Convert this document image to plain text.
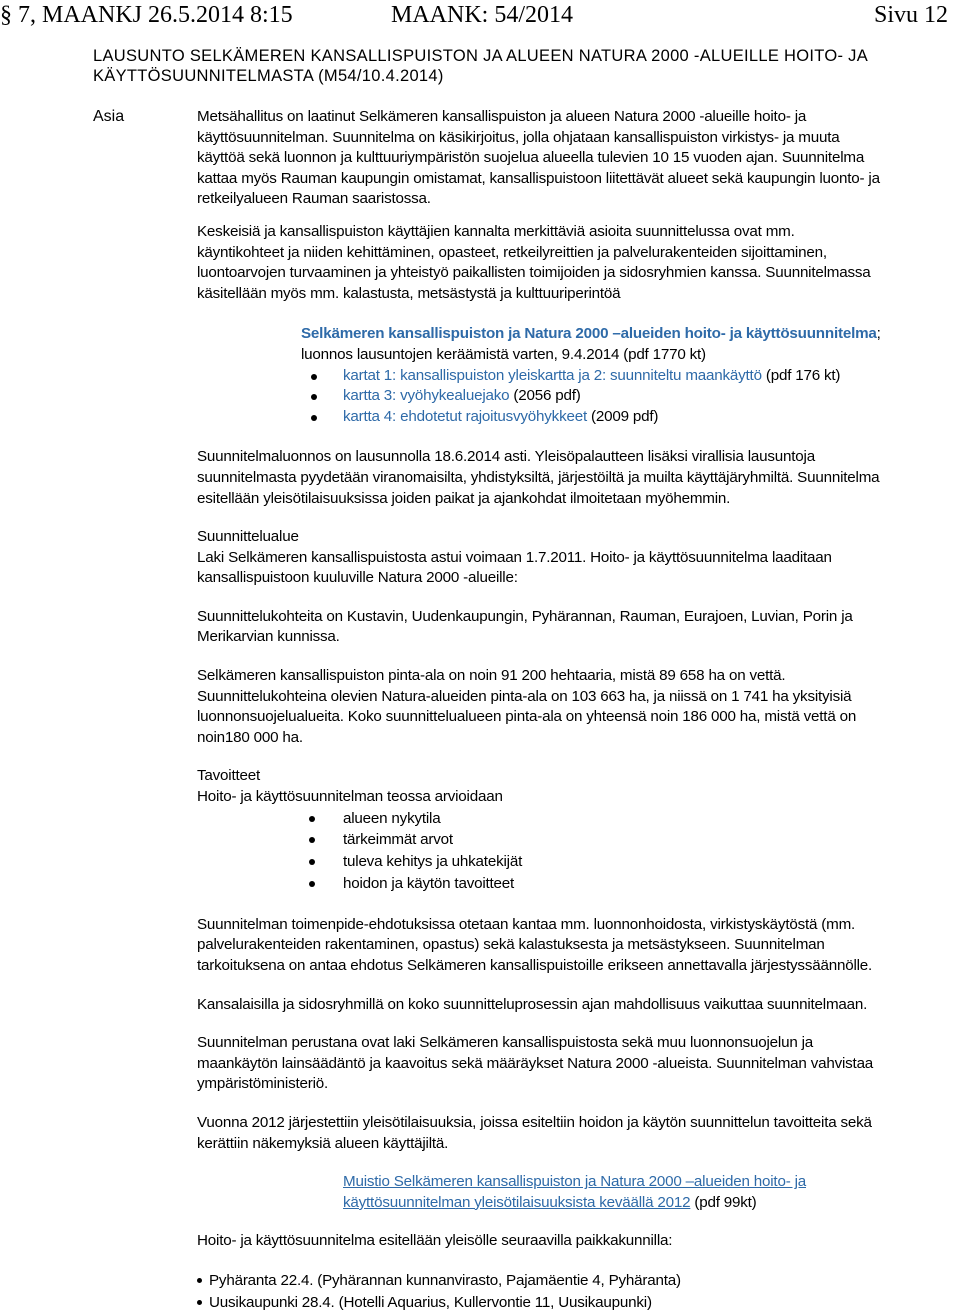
§ 7, MAANKJ 26.5.2014 8:15	MAANK: 54/2014	Sivu 12
LAUSUNTO SELKÄMEREN KANSALLISPUISTON JA ALUEEN NATURA 2000 -ALUEILLE HOITO- JA
KÄYTTÖSUUNNITELMASTA (M54/10.4.2014)
Asia	Metsähallitus on laatinut Selkämeren kansallispuiston ja alueen Natura 2000 -alueille hoito- ja käyttösuunnitelman. Suunnitelma on käsikirjoitus, jolla ohjataan kansallispuiston virkistys- ja muuta käyttöä sekä luonnon ja kulttuuriympäristön suojelua alueella tulevien 10 15 vuoden ajan. Suunnitelma kattaa myös Rauman kaupungin omistamat, kansallispuistoon liitettävät alueet sekä kaupungin luonto- ja retkeilyalueen Rauman saaristossa.

Keskeisiä ja kansallispuiston käyttäjien kannalta merkittäviä asioita suunnittelussa ovat mm. käyntikohteet ja niiden kehittäminen, opasteet, retkeilyreittien ja palvelurakenteiden sijoittaminen, luontoarvojen turvaaminen ja yhteistyö paikallisten toimijoiden ja sidosryhmien kanssa. Suunnitelmassa käsitellään myös mm. kalastusta, metsästystä ja kulttuuriperintöä

Selkämeren kansallispuiston ja Natura 2000 –alueiden hoito- ja käyttösuunnitelma; luonnos lausuntojen keräämistä varten, 9.4.2014 (pdf 1770 kt)

kartat 1: kansallispuiston yleiskartta ja 2: suunniteltu maankäyttö (pdf 176 kt)
kartta 3: vyöhykealuejako (2056 pdf)
kartta 4: ehdotetut rajoitusvyöhykkeet (2009 pdf)

Suunnitelmaluonnos on lausunnolla 18.6.2014 asti. Yleisöpalautteen lisäksi virallisia lausuntoja suunnitelmasta pyydetään viranomaisilta, yhdistyksiltä, järjestöiltä ja muilta käyttäjäryhmiltä. Suunnitelma esitellään yleisötilaisuuksissa joiden paikat ja ajankohdat ilmoitetaan myöhemmin.

Suunnittelualue

Laki Selkämeren kansallispuistosta astui voimaan 1.7.2011. Hoito- ja käyttösuunnitelma laaditaan kansallispuistoon kuuluville Natura 2000 -alueille:

Suunnittelukohteita on Kustavin, Uudenkaupungin, Pyhärannan, Rauman, Eurajoen, Luvian, Porin ja Merikarvian kunnissa.

Selkämeren kansallispuiston pinta-ala on noin 91 200 hehtaaria, mistä 89 658 ha on vettä. Suunnittelukohteina olevien Natura-alueiden pinta-ala on 103 663 ha, ja niissä on 1 741 ha yksityisiä luonnonsuojelualueita. Koko suunnittelualueen pinta-ala on yhteensä noin 186 000 ha, mistä vettä on noin180 000 ha.

Tavoitteet

Hoito- ja käyttösuunnitelman teossa arvioidaan

alueen nykytila
tärkeimmät arvot
tuleva kehitys ja uhkatekijät
hoidon ja käytön tavoitteet

Suunnitelman toimenpide-ehdotuksissa otetaan kantaa mm. luonnonhoidosta, virkistyskäytöstä (mm. palvelurakenteiden rakentaminen, opastus) sekä kalastuksesta ja metsästykseen. Suunnitelman tarkoituksena on antaa ehdotus Selkämeren kansallispuistoille erikseen annettavalla järjestyssäännölle.

Kansalaisilla ja sidosryhmillä on koko suunnitteluprosessin ajan mahdollisuus vaikuttaa suunnitelmaan.

Suunnitelman perustana ovat laki Selkämeren kansallispuistosta sekä muu luonnonsuojelun ja maankäytön lainsäädäntö ja kaavoitus sekä määräykset Natura 2000 -alueista. Suunnitelman vahvistaa ympäristöministeriö.

Vuonna 2012 järjestettiin yleisötilaisuuksia, joissa esiteltiin hoidon ja käytön suunnittelun tavoitteita sekä kerättiin näkemyksiä alueen käyttäjiltä.

Muistio Selkämeren kansallispuiston ja Natura 2000 –alueiden hoito- ja käyttösuunnitelman yleisötilaisuuksista keväällä 2012 (pdf 99kt)

Hoito- ja käyttösuunnitelma esitellään yleisölle seuraavilla paikkakunnilla:

Pyhäranta 22.4. (Pyhärannan kunnanvirasto, Pajamäentie 4, Pyhäranta)
Uusikaupunki 28.4. (Hotelli Aquarius, Kullervontie 11, Uusikaupunki)
